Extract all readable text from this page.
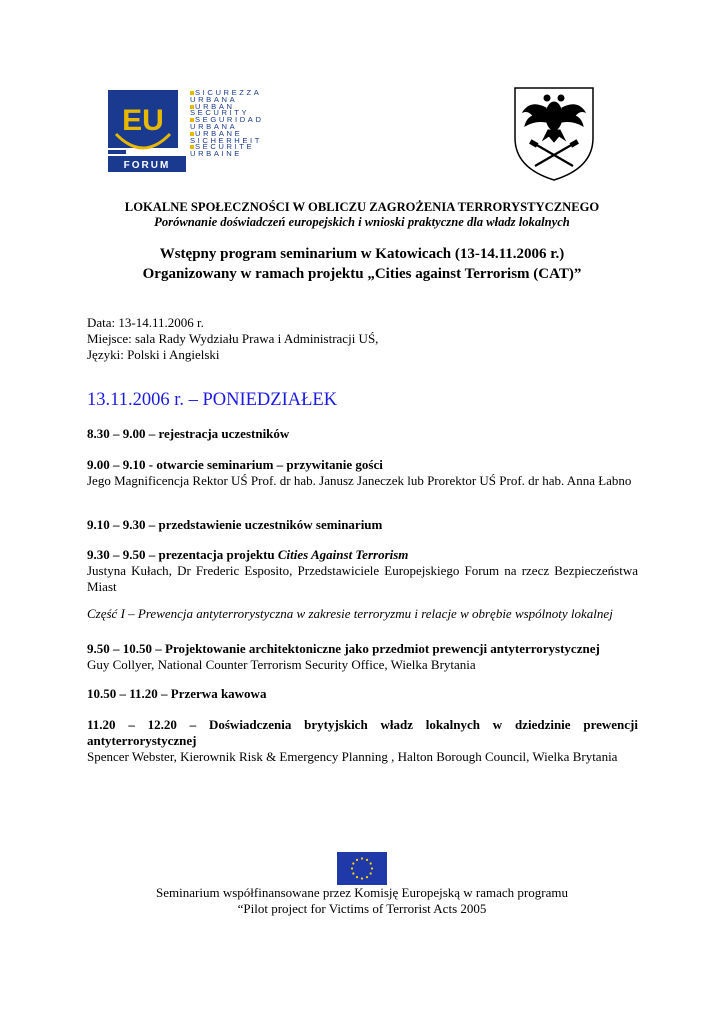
EU
FORUM
SICUREZZA
URBANA
URBAN
SECURITY
SEGURIDAD
URBANA
URBANE
SICHERHEIT
SECURITE
URBAINE
LOKALNE SPOŁECZNOŚCI W OBLICZU ZAGROŻENIA TERRORYSTYCZNEGO
Porównanie doświadczeń europejskich i wnioski praktyczne dla władz lokalnych
Wstępny program seminarium w Katowicach (13-14.11.2006 r.)
Organizowany w ramach projektu „Cities against Terrorism (CAT)”
Data: 13-14.11.2006 r.
Miejsce: sala Rady Wydziału Prawa i Administracji UŚ,
Języki: Polski i Angielski
13.11.2006 r. – PONIEDZIAŁEK
8.30 – 9.00 – rejestracja uczestników
9.00 – 9.10 - otwarcie seminarium – przywitanie gości
Jego Magnificencja Rektor UŚ Prof. dr hab. Janusz Janeczek lub Prorektor UŚ Prof. dr hab. Anna Łabno
9.10 – 9.30 – przedstawienie uczestników seminarium
9.30 – 9.50 – prezentacja projektu Cities Against Terrorism
Justyna Kułach, Dr Frederic Esposito, Przedstawiciele Europejskiego Forum na rzecz Bezpieczeństwa Miast
Część I – Prewencja antyterrorystyczna w zakresie terroryzmu i relacje w obrębie wspólnoty lokalnej
9.50 – 10.50 – Projektowanie architektoniczne jako przedmiot prewencji antyterrorystycznej
Guy Collyer, National Counter Terrorism Security Office, Wielka Brytania
10.50 – 11.20 – Przerwa kawowa
11.20 – 12.20 – Doświadczenia brytyjskich władz lokalnych w dziedzinie prewencji antyterrorystycznej
Spencer Webster, Kierownik Risk & Emergency Planning , Halton Borough Council, Wielka Brytania
Seminarium współfinansowane przez Komisję Europejską w ramach programu
“Pilot project for Victims of Terrorist Acts 2005
